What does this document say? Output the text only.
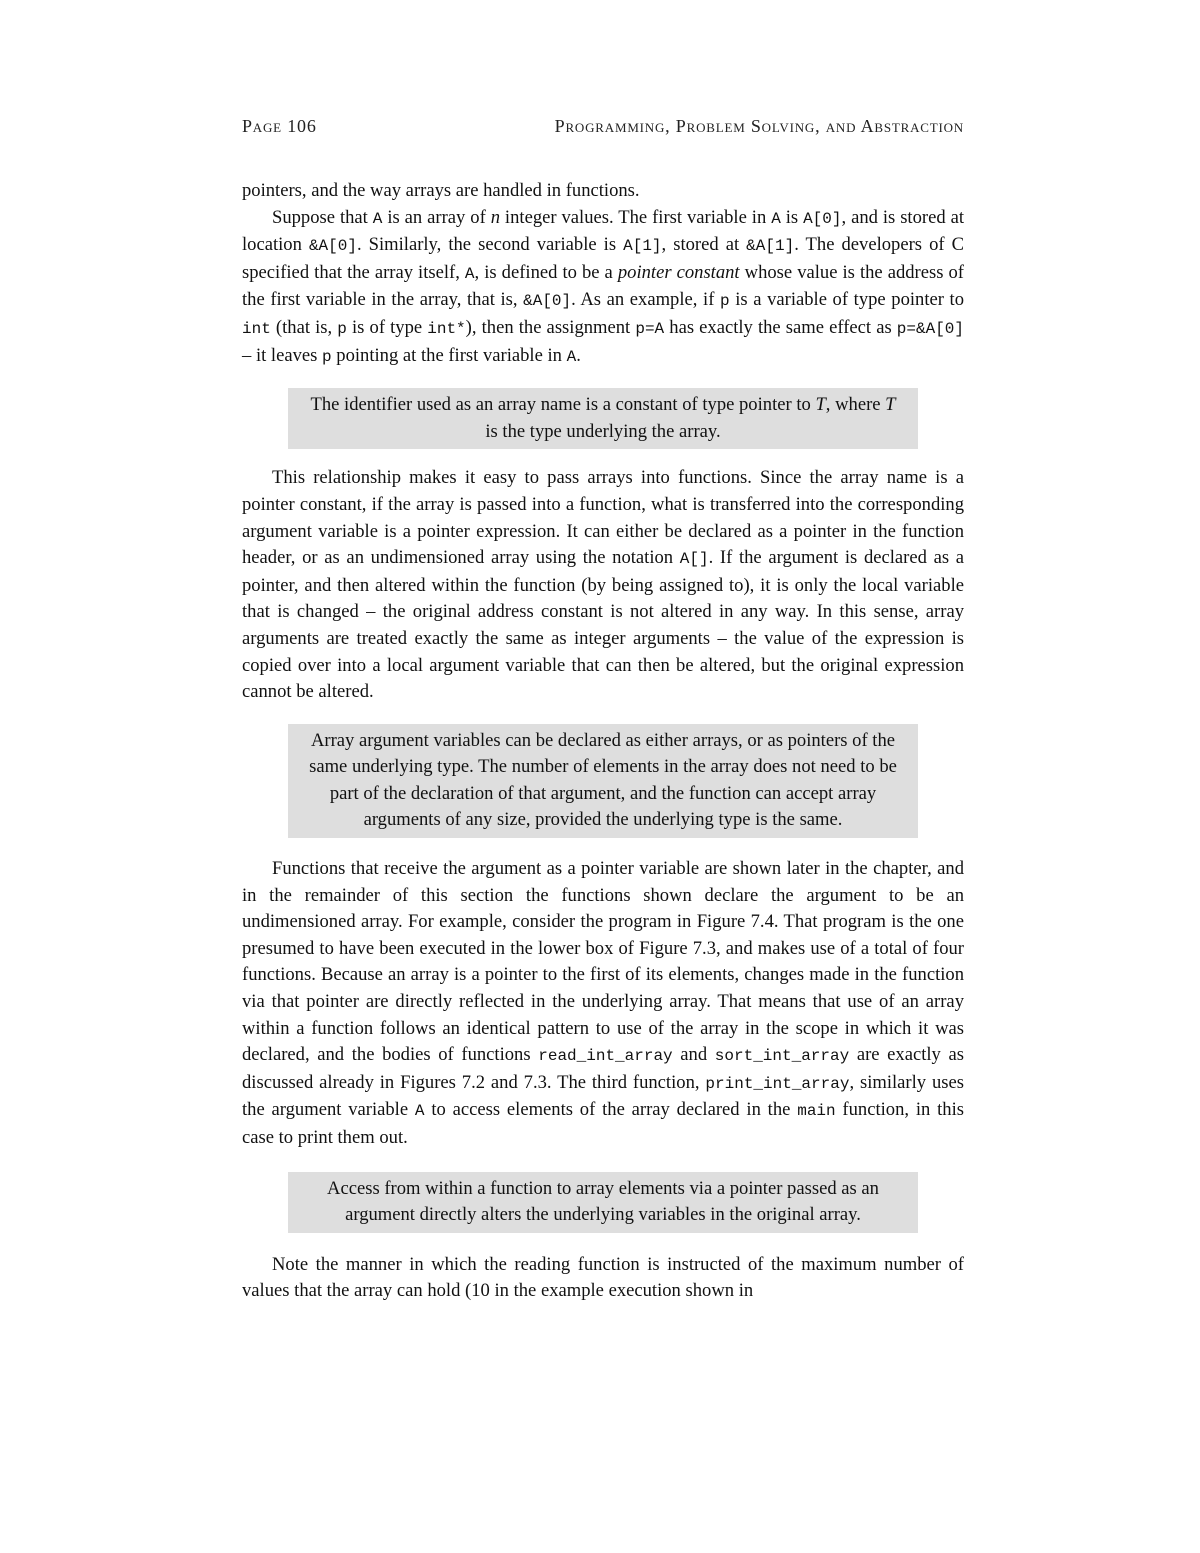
Page 106	Programming, Problem Solving, and Abstraction

pointers, and the way arrays are handled in functions.

Suppose that A is an array of n integer values. The first variable in A is A[0], and is stored at location &A[0]. Similarly, the second variable is A[1], stored at &A[1]. The developers of C specified that the array itself, A, is defined to be a pointer constant whose value is the address of the first variable in the array, that is, &A[0]. As an example, if p is a variable of type pointer to int (that is, p is of type int*), then the assignment p=A has exactly the same effect as p=&A[0] – it leaves p pointing at the first variable in A.

The identifier used as an array name is a constant of type pointer to T, where T is the type underlying the array.

This relationship makes it easy to pass arrays into functions. Since the array name is a pointer constant, if the array is passed into a function, what is transferred into the corresponding argument variable is a pointer expression. It can either be declared as a pointer in the function header, or as an undimensioned array using the notation A[]. If the argument is declared as a pointer, and then altered within the function (by being assigned to), it is only the local variable that is changed – the original address constant is not altered in any way. In this sense, array arguments are treated exactly the same as integer arguments – the value of the expression is copied over into a local argument variable that can then be altered, but the original expression cannot be altered.

Array argument variables can be declared as either arrays, or as pointers of the same underlying type. The number of elements in the array does not need to be part of the declaration of that argument, and the function can accept array arguments of any size, provided the underlying type is the same.

Functions that receive the argument as a pointer variable are shown later in the chapter, and in the remainder of this section the functions shown declare the argument to be an undimensioned array. For example, consider the program in Figure 7.4. That program is the one presumed to have been executed in the lower box of Figure 7.3, and makes use of a total of four functions. Because an array is a pointer to the first of its elements, changes made in the function via that pointer are directly reflected in the underlying array. That means that use of an array within a function follows an identical pattern to use of the array in the scope in which it was declared, and the bodies of functions read_int_array and sort_int_array are exactly as discussed already in Figures 7.2 and 7.3. The third function, print_int_array, similarly uses the argument variable A to access elements of the array declared in the main function, in this case to print them out.

Access from within a function to array elements via a pointer passed as an argument directly alters the underlying variables in the original array.

Note the manner in which the reading function is instructed of the maximum number of values that the array can hold (10 in the example execution shown in
